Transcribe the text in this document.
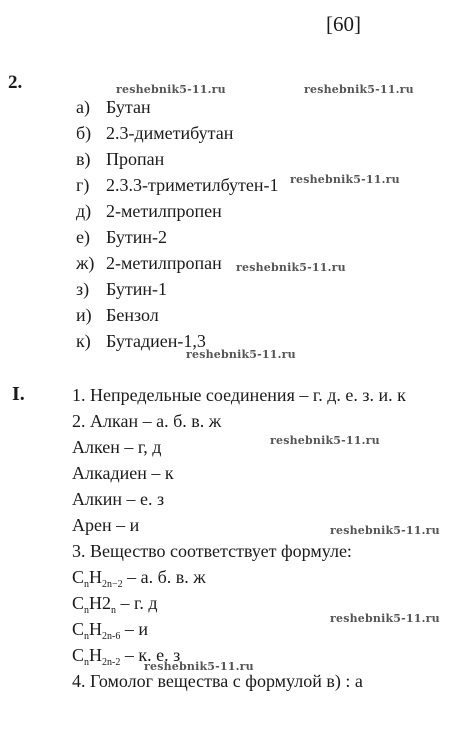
[60]
2.
а) Бутан
б) 2.3-диметибутан
в) Пропан
г) 2.3.3-триметилбутен-1
д) 2-метилпропен
е) Бутин-2
ж) 2-метилпропан
з) Бутин-1
и) Бензол
к) Бутадиен-1,3
I.	1. Непредельные соединения – г. д. е. з. и. к
2. Алкан – а. б. в. ж
Алкен – г, д
Алкадиен – к
Алкин – е. з
Арен – и
3. Вещество соответствует формуле:
$C_nH_{2n-2}$ – а. б. в. ж
$C_nH2_n$ – г. д
$C_nH_{2n-6}$ – и
$C_nH_{2n-2}$ – к. е. з
4. Гомолог вещества с формулой в) : а
reshebnik5-11.ru	reshebnik5-11.ru
reshebnik5-11.ru
reshebnik5-11.ru
reshebnik5-11.ru
reshebnik5-11.ru
reshebnik5-11.ru
reshebnik5-11.ru
reshebnik5-11.ru
